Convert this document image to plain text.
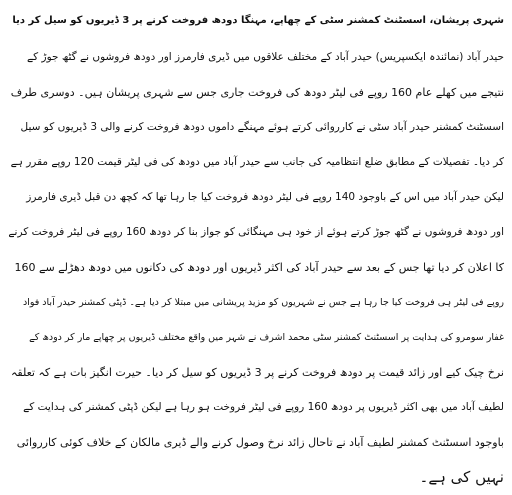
شہری پریشان، اسسٹنٹ کمشنر سٹی کے چھاپے، مہنگا دودھ فروخت کرنے پر 3 ڈیریوں کو سیل کر دیا
حیدر آباد (نمائندہ ایکسپریس) حیدر آباد کے مختلف علاقوں میں ڈیری فارمرز اور دودھ فروشوں نے گٹھ جوڑ کے
نتیجے میں کھلے عام 160 روپے فی لیٹر دودھ کی فروخت جاری جس سے شہری پریشان ہیں۔ دوسری طرف
اسسٹنٹ کمشنر حیدر آباد سٹی نے کارروائی کرتے ہوئے مہنگے داموں دودھ فروخت کرنے والی 3 ڈیریوں کو سیل
کر دیا۔ تفصیلات کے مطابق ضلع انتظامیہ کی جانب سے حیدر آباد میں دودھ کی فی لیٹر قیمت 120 روپے مقرر ہے
لیکن حیدر آباد میں اس کے باوجود 140 روپے فی لیٹر دودھ فروخت کیا جا رہا تھا کہ کچھ دن قبل ڈیری فارمرز
اور دودھ فروشوں نے گٹھ جوڑ کرتے ہوئے از خود ہی مہنگائی کو جواز بنا کر دودھ 160 روپے فی لیٹر فروخت کرنے
کا اعلان کر دیا تھا جس کے بعد سے حیدر آباد کی اکثر ڈیریوں اور دودھ کی دکانوں میں دودھ دھڑلے سے 160
روپے فی لیٹر ہی فروخت کیا جا رہا ہے جس نے شہریوں کو مزید پریشانی میں مبتلا کر دیا ہے۔ ڈپٹی کمشنر حیدر آباد فواد
غفار سومرو کی ہدایت پر اسسٹنٹ کمشنر سٹی محمد اشرف نے شہر میں واقع مختلف ڈیریوں پر چھاپے مار کر دودھ کے
نرخ چیک کیے اور زائد قیمت پر دودھ فروخت کرنے پر 3 ڈیریوں کو سیل کر دیا۔ حیرت انگیز بات ہے کہ تعلقہ
لطیف آباد میں بھی اکثر ڈیریوں پر دودھ 160 روپے فی لیٹر فروخت ہو رہا ہے لیکن ڈپٹی کمشنر کی ہدایت کے
باوجود اسسٹنٹ کمشنر لطیف آباد نے تاحال زائد نرخ وصول کرنے والے ڈیری مالکان کے خلاف کوئی کارروائی
نہیں کی ہے۔
